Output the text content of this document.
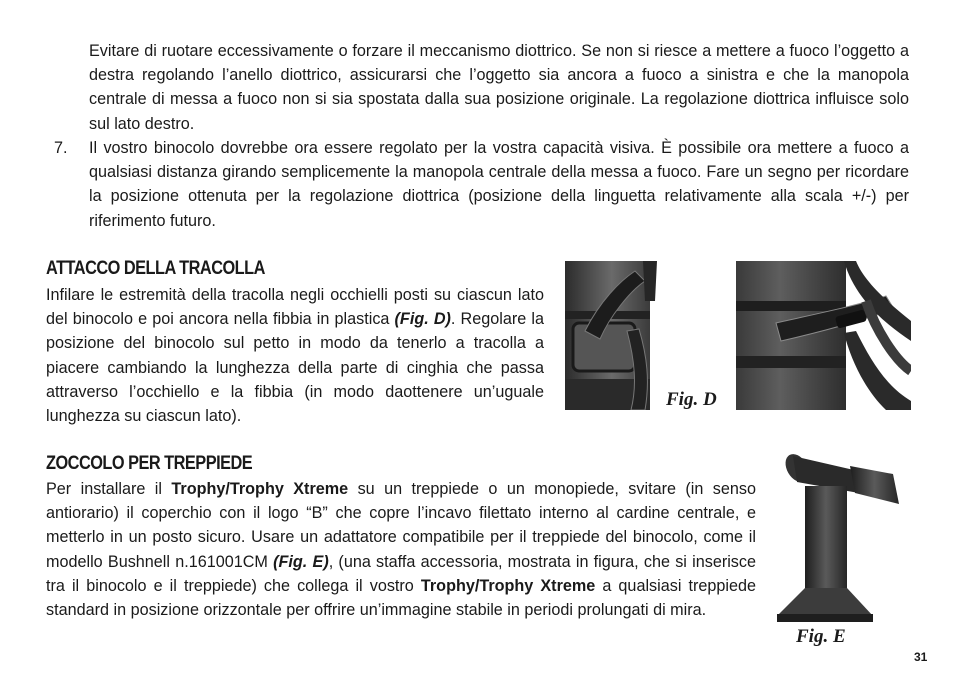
Evitare di ruotare eccessivamente o forzare il meccanismo diottrico. Se non si riesce a mettere a fuoco l’oggetto a destra regolando l’anello diottrico, assicurarsi che l’oggetto sia ancora a fuoco a sinistra e che la manopola centrale di messa a fuoco non si sia spostata dalla sua posizione originale. La regolazione diottrica influisce solo sul lato destro.

7. Il vostro binocolo dovrebbe ora essere regolato per la vostra capacità visiva. È possibile ora mettere a fuoco a qualsiasi distanza girando semplicemente la manopola centrale della messa a fuoco. Fare un segno per ricordare la posizione ottenuta per la regolazione diottrica (posizione della linguetta relativamente alla scala +/-) per riferimento futuro.

ATTACCO DELLA TRACOLLA

Infilare le estremità della tracolla negli occhielli posti su ciascun lato del binocolo e poi ancora nella fibbia in plastica (Fig. D). Regolare la posizione del binocolo sul petto in modo da tenerlo a tracolla a piacere cambiando la lunghezza della parte di cinghia che passa attraverso l’occhiello e la fibbia (in modo daottenere un’uguale lunghezza su ciascun lato).

Fig. D
ZOCCOLO PER TREPPIEDE

Per installare il Trophy/Trophy Xtreme su un treppiede o un monopiede, svitare (in senso antiorario) il coperchio con il logo “B” che copre l’incavo filettato interno al cardine centrale, e metterlo in un posto sicuro. Usare un adattatore compatibile per il treppiede del binocolo, come il modello Bushnell n.161001CM (Fig. E), (una staffa accessoria, mostrata in figura, che si inserisce tra il binocolo e il treppiede) che collega il vostro Trophy/Trophy Xtreme a qualsiasi treppiede standard in posizione orizzontale per offrire un’immagine stabile in periodi prolungati di mira.

Fig. E
31
